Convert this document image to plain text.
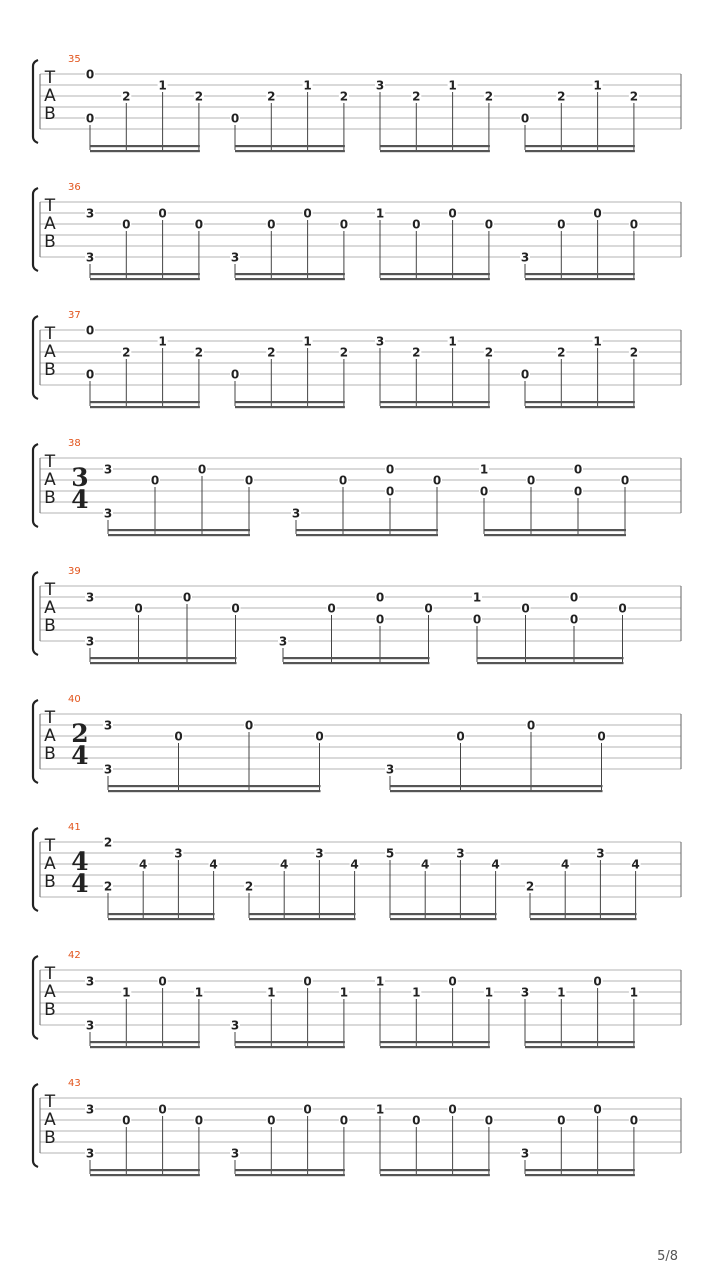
T
A
B
35
0
0
2
1
2
0
2
1
2
3
2
1
2
0
2
1
2
T
A
B
36
3
3
0
0
0
3
0
0
0
1
0
0
0
3
0
0
0
T
A
B
37
0
0
2
1
2
0
2
1
2
3
2
1
2
0
2
1
2
T
A
B
38
3
4
3
3
0
0
0
3
0
0
0
0
1
0
0
0
0
0
T
A
B
39
3
3
0
0
0
3
0
0
0
0
1
0
0
0
0
0
T
A
B
40
2
4
3
3
0
0
0
3
0
0
0
T
A
B
41
4
4
2
2
4
3
4
2
4
3
4
5
4
3
4
2
4
3
4
T
A
B
42
3
3
1
0
1
3
1
0
1
1
1
0
1 3 1
0
1
T
A
B
43
3
3
0
0
0
3
0
0
0
1
0
0
0
3
0
0
0
5/8
